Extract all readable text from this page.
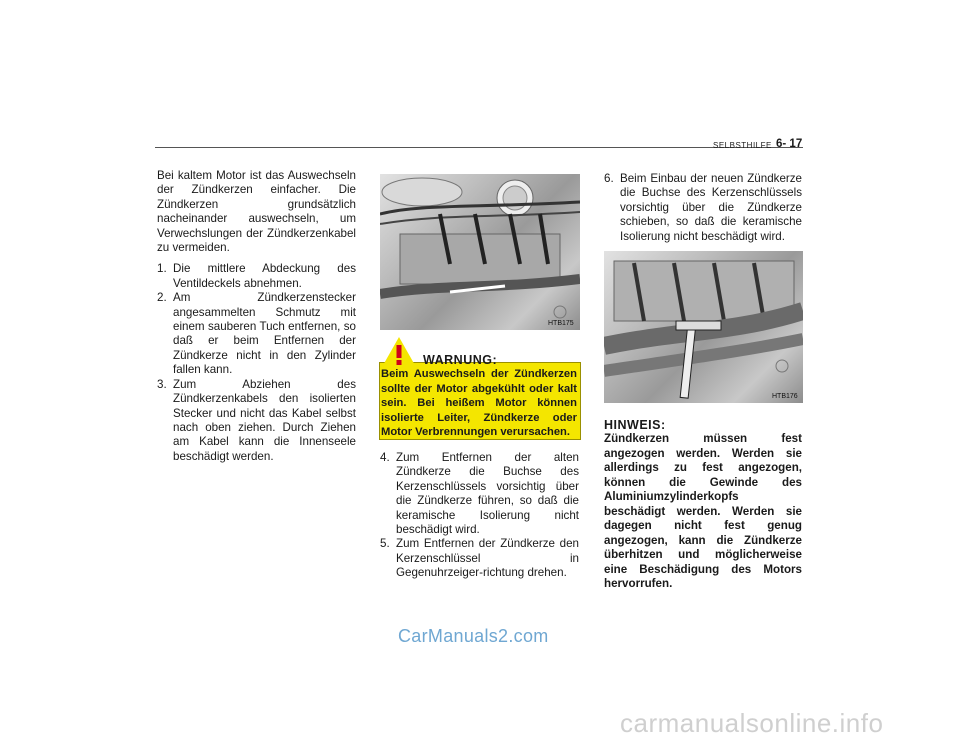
SELBSTHILFE 6- 17

Bei kaltem Motor ist das Auswechseln der Zündkerzen einfacher. Die Zündkerzen grundsätzlich nacheinander auswechseln, um Verwechslungen der Zündkerzenkabel zu vermeiden.

1. Die mittlere Abdeckung des Ventildeckels abnehmen.
2. Am Zündkerzenstecker angesammelten Schmutz mit einem sauberen Tuch entfernen, so daß er beim Entfernen der Zündkerze nicht in den Zylinder fallen kann.
3. Zum Abziehen des Zündkerzenkabels den isolierten Stecker und nicht das Kabel selbst nach oben ziehen. Durch Ziehen am Kabel kann die Innenseele beschädigt werden.
HTB175
WARNUNG:
Beim Auswechseln der Zündkerzen sollte der Motor abgekühlt oder kalt sein. Bei heißem Motor können isolierte Leiter, Zündkerze oder Motor Verbrennungen verursachen.
4. Zum Entfernen der alten Zündkerze die Buchse des Kerzenschlüssels vorsichtig über die Zündkerze führen, so daß die keramische Isolierung nicht beschädigt wird.
5. Zum Entfernen der Zündkerze den Kerzenschlüssel in Gegenuhrzeiger-richtung drehen.
6. Beim Einbau der neuen Zündkerze die Buchse des Kerzenschlüssels vorsichtig über die Zündkerze schieben, so daß die keramische Isolierung nicht beschädigt wird.
HTB176
HINWEIS:
Zündkerzen müssen fest angezogen werden. Werden sie allerdings zu fest angezogen, können die Gewinde des Aluminiumzylinderkopfs beschädigt werden. Werden sie dagegen nicht fest genug angezogen, kann die Zündkerze überhitzen und möglicherweise eine Beschädigung des Motors hervorrufen.
CarManuals2.com
carmanualsonline.info
